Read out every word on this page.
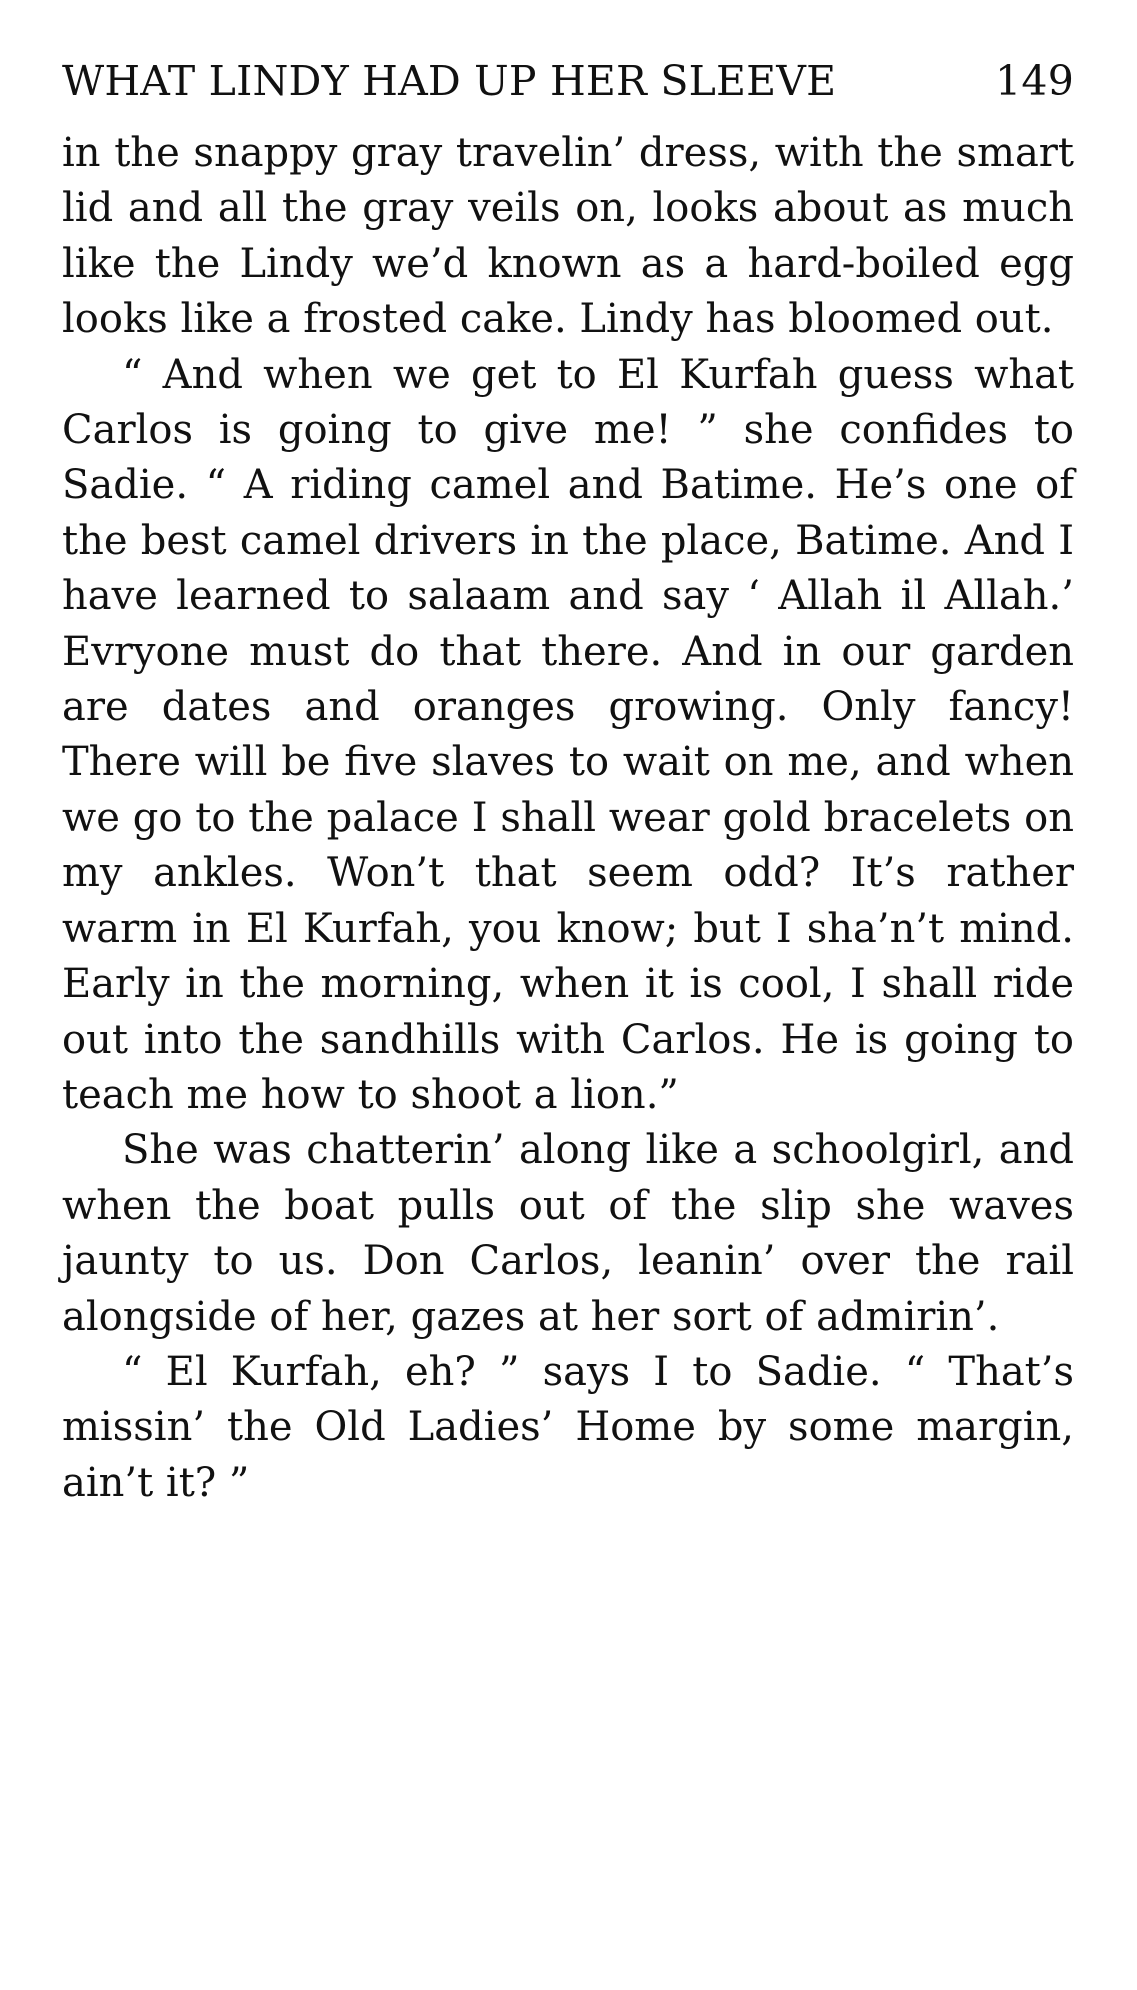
WHAT LINDY HAD UP HER SLEEVE	149

in the snappy gray travelin’ dress, with the smart lid and all the gray veils on, looks about as much like the Lindy we’d known as a hard-boiled egg looks like a frosted cake. Lindy has bloomed out.

“ And when we get to El Kurfah guess what Carlos is going to give me! ” she confides to Sadie. “ A riding camel and Batime. He’s one of the best camel drivers in the place, Batime. And I have learned to salaam and say ‘ Allah il Allah.’ Evryone must do that there. And in our garden are dates and oranges growing. Only fancy! There will be five slaves to wait on me, and when we go to the palace I shall wear gold bracelets on my ankles. Won’t that seem odd? It’s rather warm in El Kurfah, you know; but I sha’n’t mind. Early in the morning, when it is cool, I shall ride out into the sandhills with Carlos. He is going to teach me how to shoot a lion.”

She was chatterin’ along like a schoolgirl, and when the boat pulls out of the slip she waves jaunty to us. Don Carlos, leanin’ over the rail alongside of her, gazes at her sort of admirin’.

“ El Kurfah, eh? ” says I to Sadie. “ That’s missin’ the Old Ladies’ Home by some margin, ain’t it? ”
